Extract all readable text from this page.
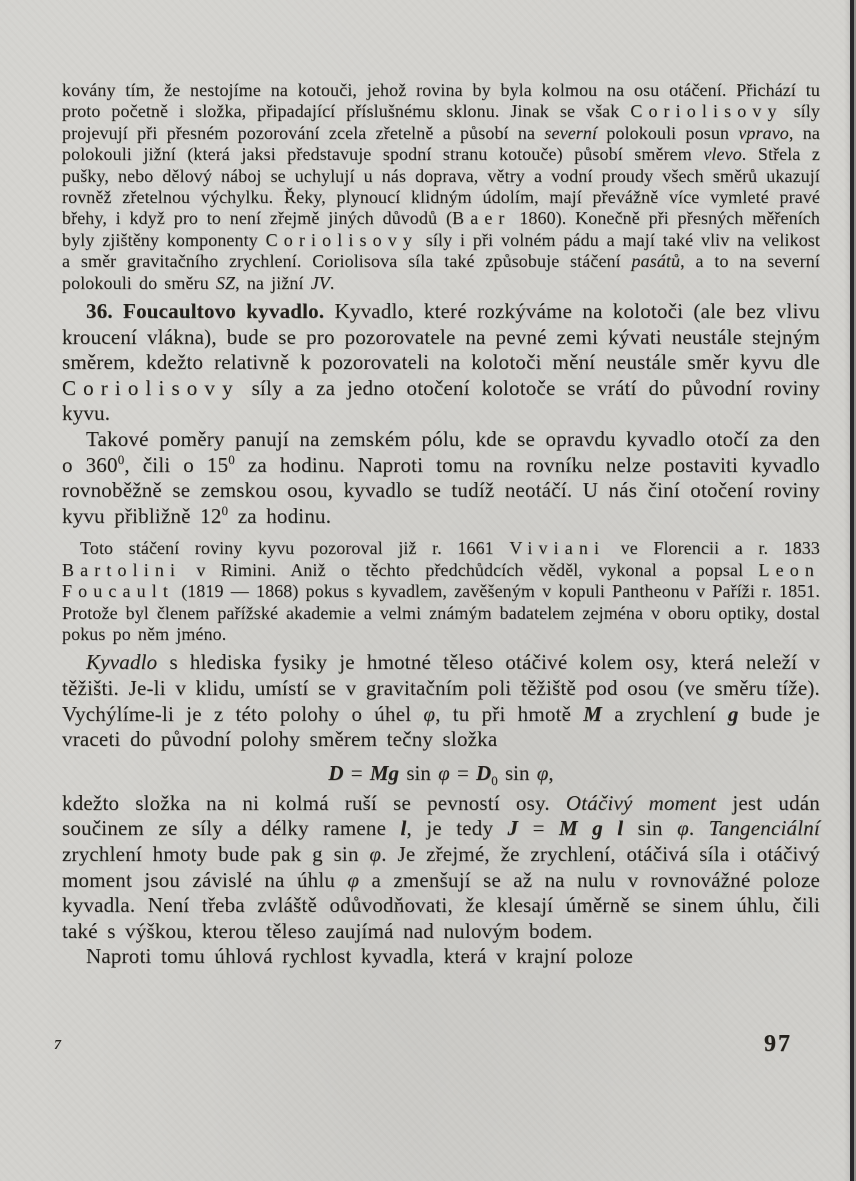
kovány tím, že nestojíme na kotouči, jehož rovina by byla kolmou na osu otáčení. Přichází tu proto početně i složka, připadající příslušnému sklonu. Jinak se však Coriolisovy síly projevují při přesném pozorování zcela zřetelně a působí na severní polokouli posun vpravo, na polokouli jižní (která jaksi představuje spodní stranu kotouče) působí směrem vlevo. Střela z pušky, nebo dělový náboj se uchylují u nás doprava, větry a vodní proudy všech směrů ukazují rovněž zřetelnou výchylku. Řeky, plynoucí klidným údolím, mají převážně více vymleté pravé břehy, i když pro to není zřejmě jiných důvodů (Baer 1860). Konečně při přesných měřeních byly zjištěny komponenty Coriolisovy síly i při volném pádu a mají také vliv na velikost a směr gravitačního zrychlení. Coriolisova síla také způsobuje stáčení pasátů, a to na severní polokouli do směru SZ, na jižní JV.

36. Foucaultovo kyvadlo. Kyvadlo, které rozkýváme na kolotoči (ale bez vlivu kroucení vlákna), bude se pro pozorovatele na pevné zemi kývati neustále stejným směrem, kdežto relativně k pozorovateli na kolotoči mění neustále směr kyvu dle Coriolisovy síly a za jedno otočení kolotoče se vrátí do původní roviny kyvu.

Takové poměry panují na zemském pólu, kde se opravdu kyvadlo otočí za den o $360^0$, čili o $15^0$ za hodinu. Naproti tomu na rovníku nelze postaviti kyvadlo rovnoběžně se zemskou osou, kyvadlo se tudíž neotáčí. U nás činí otočení roviny kyvu přibližně $12^0$ za hodinu.

Toto stáčení roviny kyvu pozoroval již r. 1661 Viviani ve Florencii a r. 1833 Bartolini v Rimini. Aniž o těchto předchůdcích věděl, vykonal a popsal Leon Foucault (1819 — 1868) pokus s kyvadlem, zavěšeným v kopuli Pantheonu v Paříži r. 1851. Protože byl členem pařížské akademie a velmi známým badatelem zejména v oboru optiky, dostal pokus po něm jméno.

Kyvadlo s hlediska fysiky je hmotné těleso otáčivé kolem osy, která neleží v těžišti. Je-li v klidu, umístí se v gravitačním poli těžiště pod osou (ve směru tíže). Vychýlíme-li je z této polohy o úhel φ, tu při hmotě M a zrychlení g bude je vraceti do původní polohy směrem tečny složka

D = Mg $\sin \varphi = D_0$ sin φ,

kdežto složka na ni kolmá ruší se pevností osy. Otáčivý moment jest udán součinem ze síly a délky ramene l, je tedy J = M g l sin φ. Tangenciální zrychlení hmoty bude pak g sin φ. Je zřejmé, že zrychlení, otáčivá síla i otáčivý moment jsou závislé na úhlu φ a zmenšují se až na nulu v rovnovážné poloze kyvadla. Není třeba zvláště odůvodňovati, že klesají úměrně se sinem úhlu, čili také s výškou, kterou těleso zaujímá nad nulovým bodem.

Naproti tomu úhlová rychlost kyvadla, která v krajní poloze

7	97
